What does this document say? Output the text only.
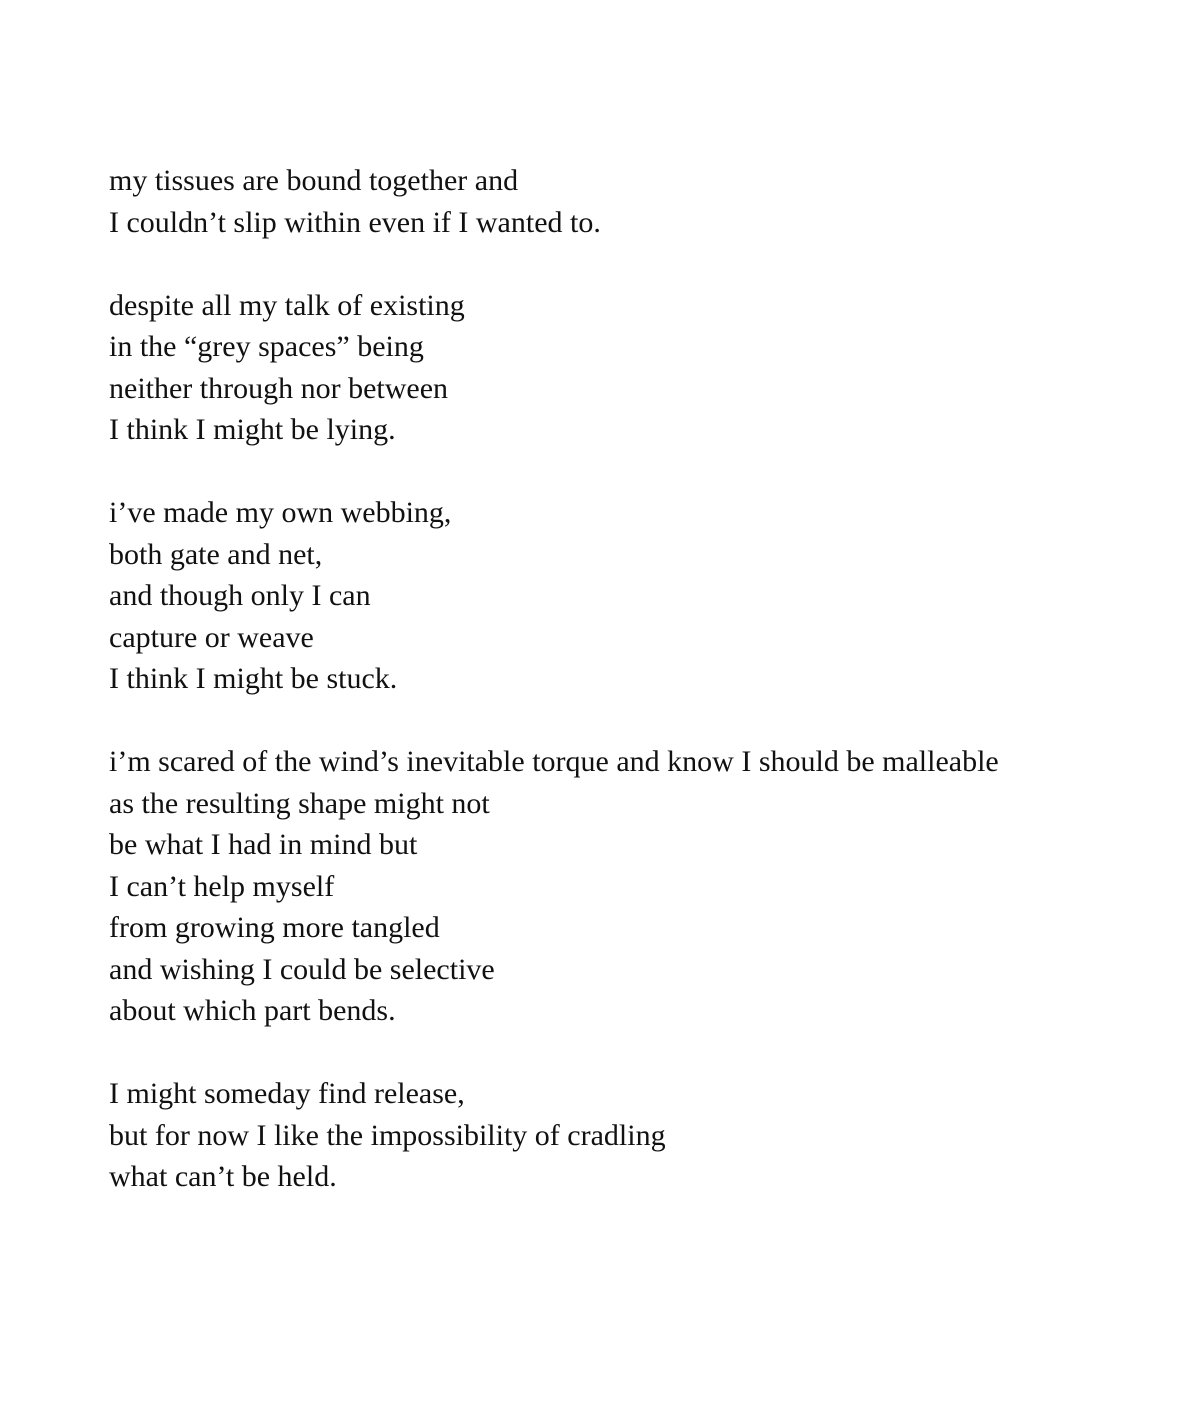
my tissues are bound together and
I couldn’t slip within even if I wanted to.
despite all my talk of existing
in the “grey spaces” being
neither through nor between
I think I might be lying.
i’ve made my own webbing,
both gate and net,
and though only I can
capture or weave
I think I might be stuck.
i’m scared of the wind’s inevitable torque and know I should be malleable
as the resulting shape might not
be what I had in mind but
I can’t help myself
from growing more tangled
and wishing I could be selective
about which part bends.
I might someday find release,
but for now I like the impossibility of cradling
what can’t be held.
